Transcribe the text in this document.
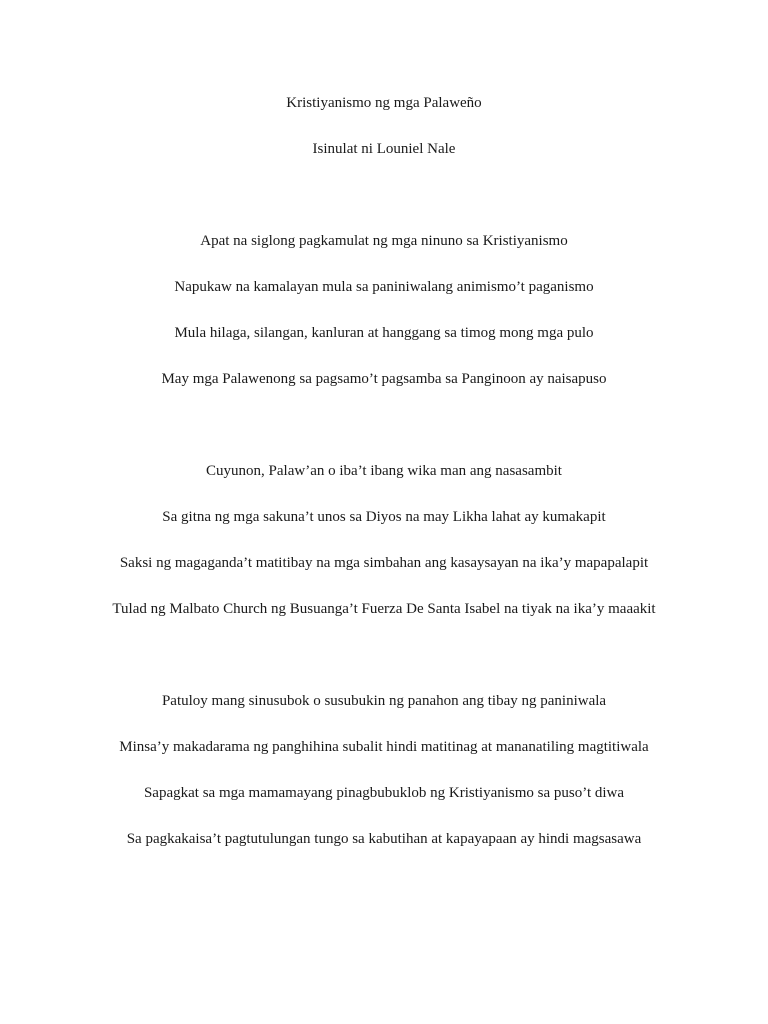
Kristiyanismo ng mga Palaweño
Isinulat ni Louniel Nale
Apat na siglong pagkamulat ng mga ninuno sa Kristiyanismo
Napukaw na kamalayan mula sa paniniwalang animismo’t paganismo
Mula hilaga, silangan, kanluran at hanggang sa timog mong mga pulo
May mga Palawenong sa pagsamo’t pagsamba sa Panginoon ay naisapuso
Cuyunon, Palaw’an o iba’t ibang wika man ang nasasambit
Sa gitna ng mga sakuna’t unos sa Diyos na may Likha lahat ay kumakapit
Saksi ng magaganda’t matitibay na mga simbahan ang kasaysayan na ika’y mapapalapit
Tulad ng Malbato Church ng Busuanga’t Fuerza De Santa Isabel na tiyak na ika’y maaakit
Patuloy mang sinusubok o susubukin ng panahon ang tibay ng paniniwala
Minsa’y makadarama ng panghihina subalit hindi matitinag at mananatiling magtitiwala
Sapagkat sa mga mamamayang pinagbubuklob ng Kristiyanismo sa puso’t diwa
Sa pagkakaisa’t pagtutulungan tungo sa kabutihan at kapayapaan ay hindi magsasawa
